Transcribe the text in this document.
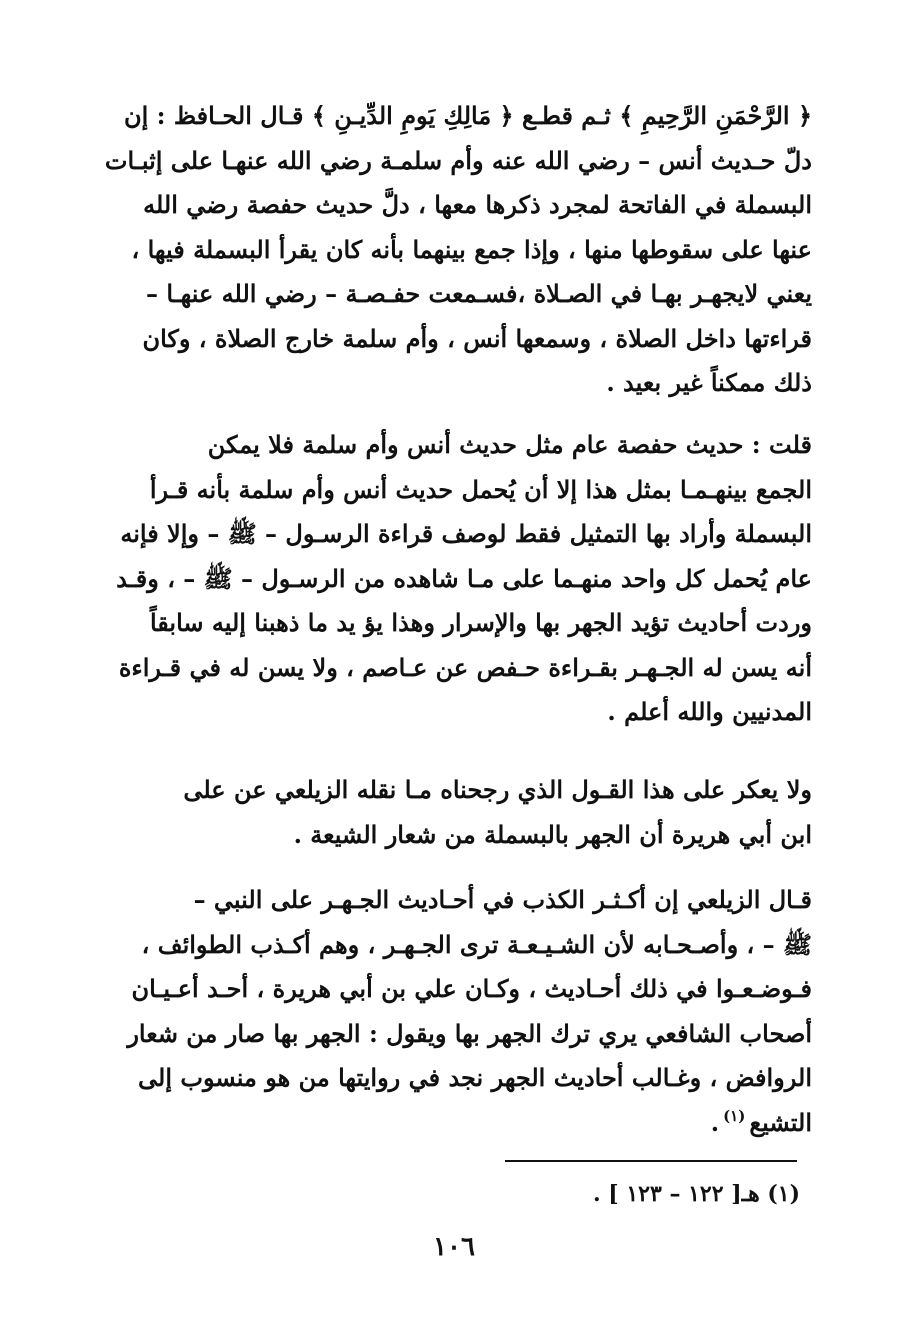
﴿ الرَّحْمَنِ الرَّحِيمِ ﴾ ثـم قطـع ﴿ مَالِكِ يَومِ الدِّيـنِ ﴾ قـال الحـافظ : إن
دلّ حـديث أنس – رضي الله عنه وأم سلمـة رضي الله عنهـا على إثبـات
البسملة في الفاتحة لمجرد ذكرها معها ، دلَّ حديث حفصة رضي الله
عنها على سقوطها منها ، وإذا جمع بينهما بأنه كان يقرأ البسملة فيها ،
يعني لايجهـر بهـا في الصـلاة ،فسـمعت حفـصـة – رضي الله عنهـا –
قراءتها داخل الصلاة ، وسمعها أنس ، وأم سلمة خارج الصلاة ، وكان
ذلك ممكناً غير بعيد .
قلت : حديث حفصة عام مثل حديث أنس وأم سلمة فلا يمكن
الجمع بينهـمـا بمثل هذا إلا أن يُحمل حديث أنس وأم سلمة بأنه قـرأ
البسملة وأراد بها التمثيل فقط لوصف قراءة الرسـول – ﷺ – وإلا فإنه
عام يُحمل كل واحد منهـما على مـا شاهده من الرسـول – ﷺ – ، وقـد
وردت أحاديث تؤيد الجهر بها والإسرار وهذا يؤ يد ما ذهبنا إليه سابقاً
أنه يسن له الجـهـر بقـراءة حـفص عن عـاصم ، ولا يسن له في قـراءة
المدنيين والله أعلم .
ولا يعكر على هذا القـول الذي رجحناه مـا نقله الزيلعي عن على
ابن أبي هريرة أن الجهر بالبسملة من شعار الشيعة .
قـال الزيلعي إن أكـثـر الكذب في أحـاديث الجـهـر على النبي –
ﷺ – ، وأصـحـابه لأن الشـيـعـة ترى الجـهـر ، وهم أكـذب الطوائف ،
فـوضـعـوا في ذلك أحـاديث ، وكـان علي بن أبي هريرة ، أحـد أعـيـان
أصحاب الشافعي يري ترك الجهر بها ويقول : الجهر بها صار من شعار
الروافض ، وغـالب أحاديث الجهر نجد في روايتها من هو منسوب إلى
التشيع$^{(١)}$.
(١) هـ[ ١٢٢ – ١٢٣ ] .
١٠٦
